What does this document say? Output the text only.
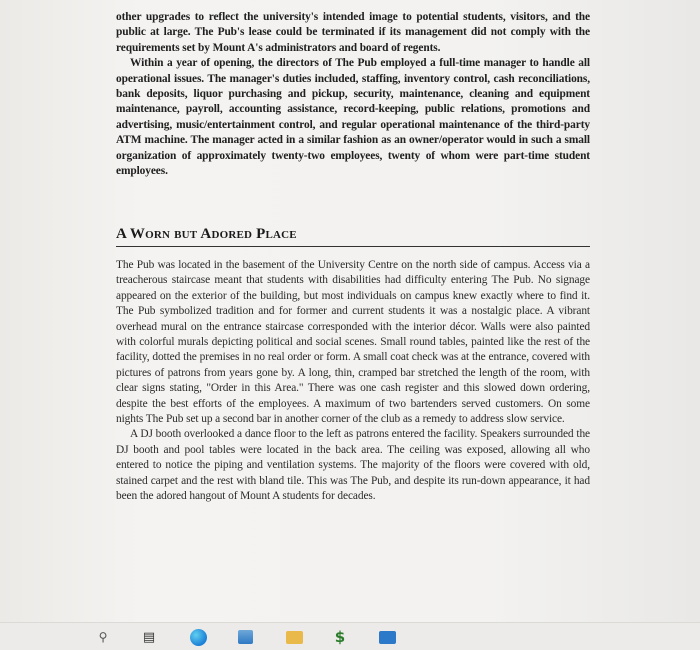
other upgrades to reflect the university's intended image to potential students, visitors, and the public at large. The Pub's lease could be terminated if its management did not comply with the requirements set by Mount A's administrators and board of regents.

Within a year of opening, the directors of The Pub employed a full-time manager to handle all operational issues. The manager's duties included, staffing, inventory control, cash reconciliations, bank deposits, liquor purchasing and pickup, security, maintenance, cleaning and equipment maintenance, payroll, accounting assistance, record-keeping, public relations, promotions and advertising, music/entertainment control, and regular operational maintenance of the third-party ATM machine. The manager acted in a similar fashion as an owner/operator would in such a small organization of approximately twenty-two employees, twenty of whom were part-time student employees.

A Worn but Adored Place

The Pub was located in the basement of the University Centre on the north side of campus. Access via a treacherous staircase meant that students with disabilities had difficulty entering The Pub. No signage appeared on the exterior of the building, but most individuals on campus knew exactly where to find it. The Pub symbolized tradition and for former and current students it was a nostalgic place. A vibrant overhead mural on the entrance staircase corresponded with the interior décor. Walls were also painted with colorful murals depicting political and social scenes. Small round tables, painted like the rest of the facility, dotted the premises in no real order or form. A small coat check was at the entrance, covered with pictures of patrons from years gone by. A long, thin, cramped bar stretched the length of the room, with clear signs stating, "Order in this Area." There was one cash register and this slowed down ordering, despite the best efforts of the employees. A maximum of two bartenders served customers. On some nights The Pub set up a second bar in another corner of the club as a remedy to address slow service.

A DJ booth overlooked a dance floor to the left as patrons entered the facility. Speakers surrounded the DJ booth and pool tables were located in the back area. The ceiling was exposed, allowing all who entered to notice the piping and ventilation systems. The majority of the floors were covered with old, stained carpet and the rest with bland tile. This was The Pub, and despite its run-down appearance, it had been the adored hangout of Mount A students for decades.

⚲	▤	$
